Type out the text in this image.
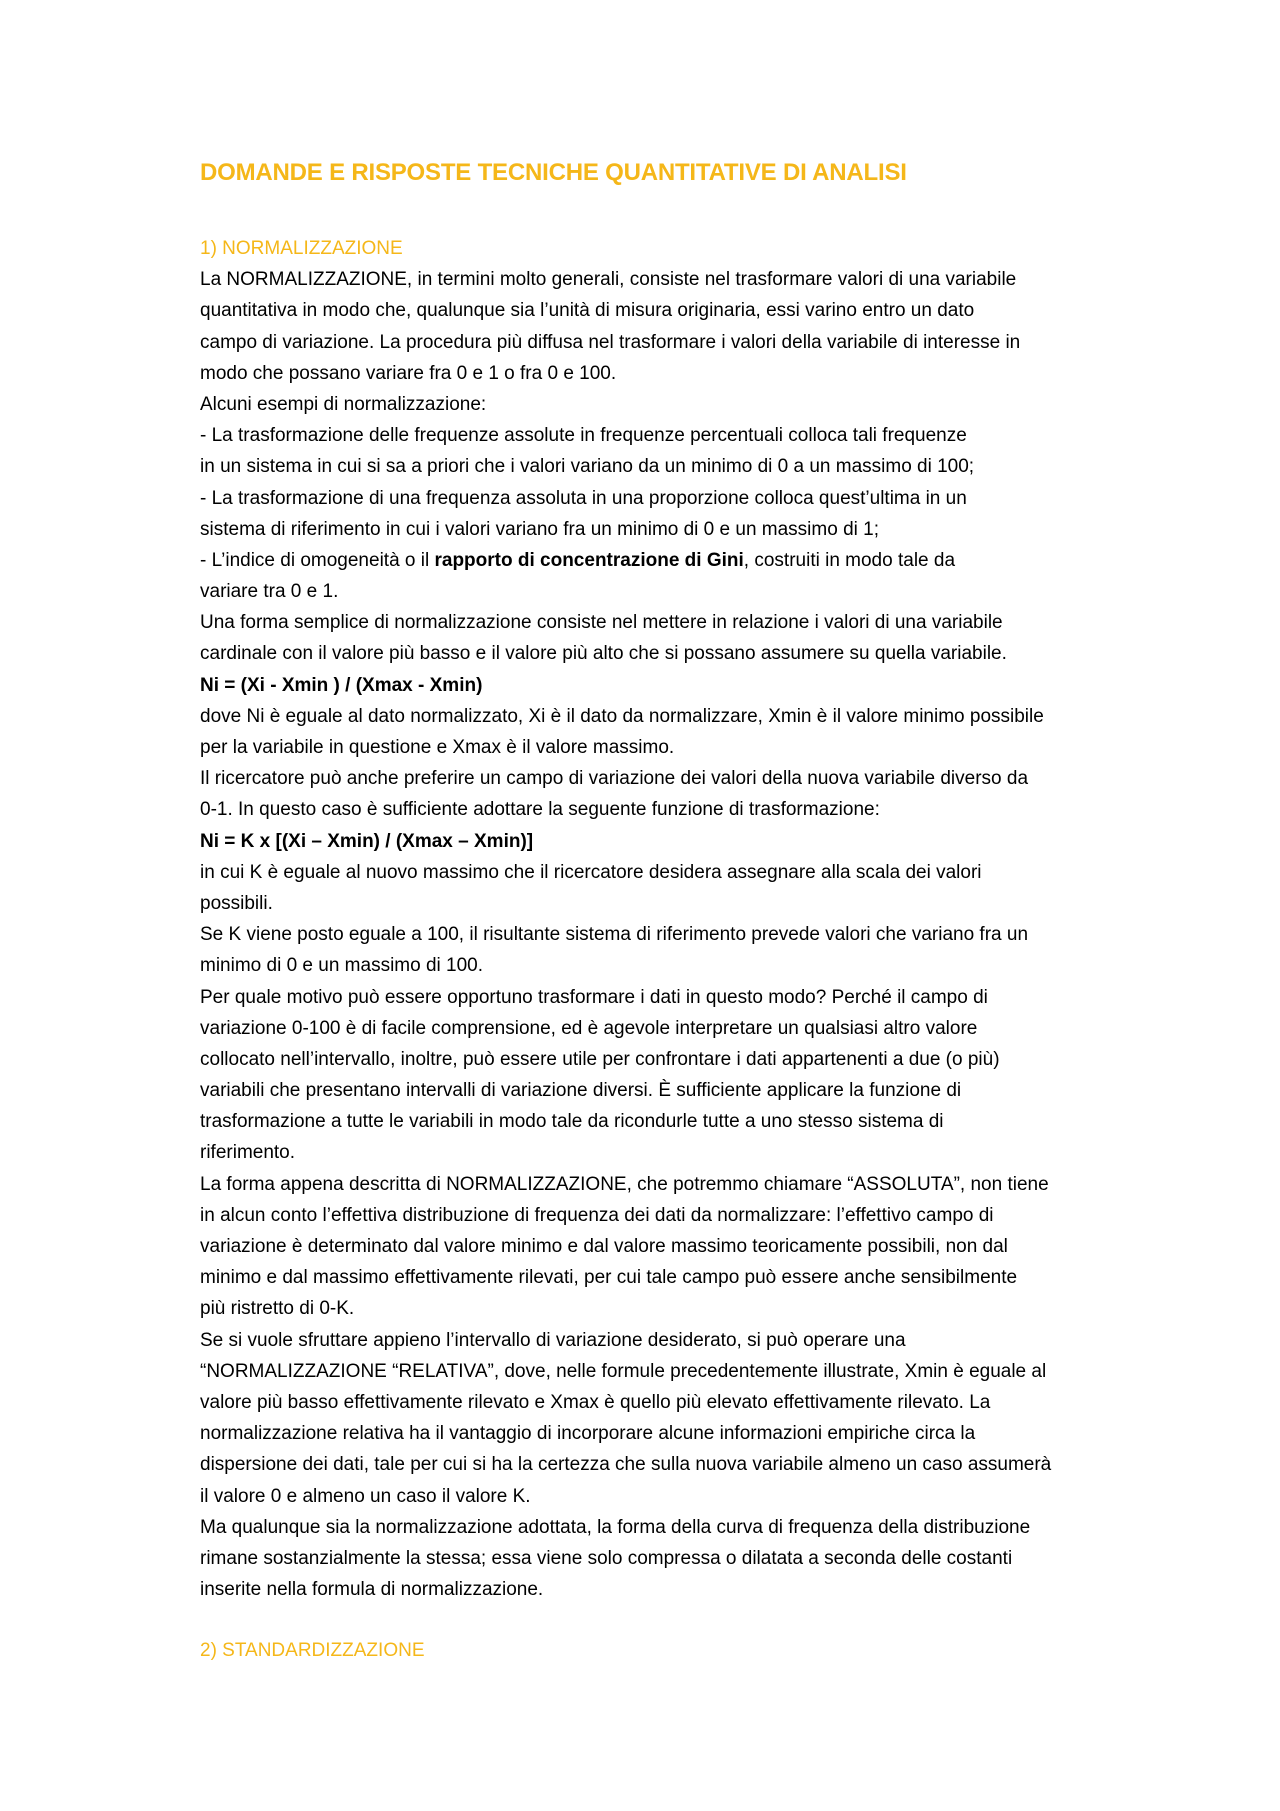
DOMANDE E RISPOSTE TECNICHE QUANTITATIVE DI ANALISI
1) NORMALIZZAZIONE

La NORMALIZZAZIONE, in termini molto generali, consiste nel trasformare valori di una variabile

quantitativa in modo che, qualunque sia l’unità di misura originaria, essi varino entro un dato

campo di variazione. La procedura più diffusa nel trasformare i valori della variabile di interesse in

modo che possano variare fra 0 e 1 o fra 0 e 100.

Alcuni esempi di normalizzazione:

- La trasformazione delle frequenze assolute in frequenze percentuali colloca tali frequenze

in un sistema in cui si sa a priori che i valori variano da un minimo di 0 a un massimo di 100;

- La trasformazione di una frequenza assoluta in una proporzione colloca quest’ultima in un

sistema di riferimento in cui i valori variano fra un minimo di 0 e un massimo di 1;

- L’indice di omogeneità o il rapporto di concentrazione di Gini, costruiti in modo tale da

variare tra 0 e 1.

Una forma semplice di normalizzazione consiste nel mettere in relazione i valori di una variabile

cardinale con il valore più basso e il valore più alto che si possano assumere su quella variabile.

Ni = (Xi - Xmin ) / (Xmax - Xmin)

dove Ni è eguale al dato normalizzato, Xi è il dato da normalizzare, Xmin è il valore minimo possibile

per la variabile in questione e Xmax è il valore massimo.

Il ricercatore può anche preferire un campo di variazione dei valori della nuova variabile diverso da

0-1. In questo caso è sufficiente adottare la seguente funzione di trasformazione:

Ni = K x [(Xi – Xmin) / (Xmax – Xmin)]

in cui K è eguale al nuovo massimo che il ricercatore desidera assegnare alla scala dei valori

possibili.

Se K viene posto eguale a 100, il risultante sistema di riferimento prevede valori che variano fra un

minimo di 0 e un massimo di 100.

Per quale motivo può essere opportuno trasformare i dati in questo modo? Perché il campo di

variazione 0-100 è di facile comprensione, ed è agevole interpretare un qualsiasi altro valore

collocato nell’intervallo, inoltre, può essere utile per confrontare i dati appartenenti a due (o più)

variabili che presentano intervalli di variazione diversi. È sufficiente applicare la funzione di

trasformazione a tutte le variabili in modo tale da ricondurle tutte a uno stesso sistema di

riferimento.

La forma appena descritta di NORMALIZZAZIONE, che potremmo chiamare “ASSOLUTA”, non tiene

in alcun conto l’effettiva distribuzione di frequenza dei dati da normalizzare: l’effettivo campo di

variazione è determinato dal valore minimo e dal valore massimo teoricamente possibili, non dal

minimo e dal massimo effettivamente rilevati, per cui tale campo può essere anche sensibilmente

più ristretto di 0-K.

Se si vuole sfruttare appieno l’intervallo di variazione desiderato, si può operare una

“NORMALIZZAZIONE “RELATIVA”, dove, nelle formule precedentemente illustrate, Xmin è eguale al

valore più basso effettivamente rilevato e Xmax è quello più elevato effettivamente rilevato. La

normalizzazione relativa ha il vantaggio di incorporare alcune informazioni empiriche circa la

dispersione dei dati, tale per cui si ha la certezza che sulla nuova variabile almeno un caso assumerà

il valore 0 e almeno un caso il valore K.

Ma qualunque sia la normalizzazione adottata, la forma della curva di frequenza della distribuzione

rimane sostanzialmente la stessa; essa viene solo compressa o dilatata a seconda delle costanti

inserite nella formula di normalizzazione.

2) STANDARDIZZAZIONE
